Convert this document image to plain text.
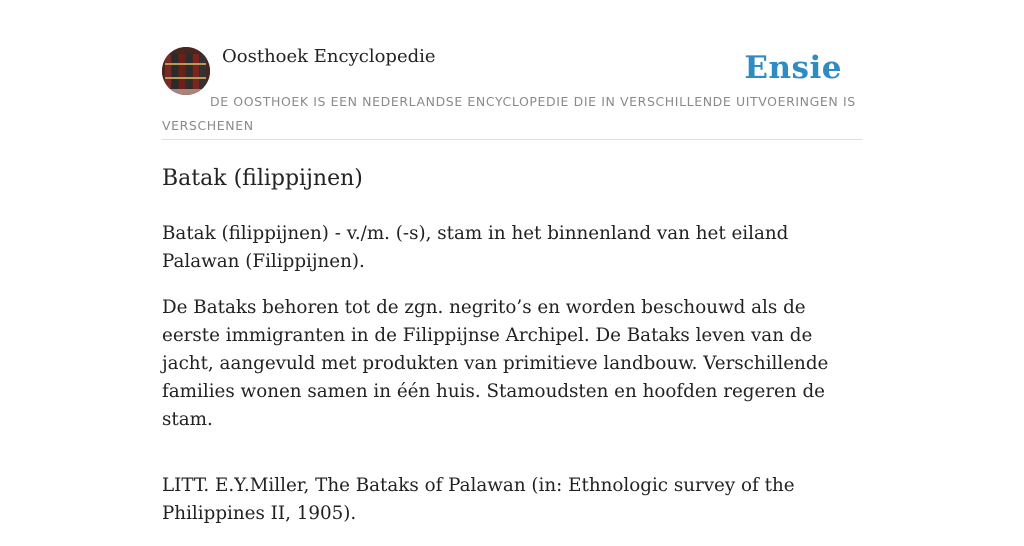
Oosthoek Encyclopedie	Ensie
DE OOSTHOEK IS EEN NEDERLANDSE ENCYCLOPEDIE DIE IN VERSCHILLENDE UITVOERINGEN IS VERSCHENEN
Batak (filippijnen)

Batak (filippijnen) - v./m. (-s), stam in het binnenland van het eiland Palawan (Filippijnen).

De Bataks behoren tot de zgn. negrito’s en worden beschouwd als de eerste immigranten in de Filippijnse Archipel. De Bataks leven van de jacht, aangevuld met produkten van primitieve landbouw. Verschillende families wonen samen in één huis. Stamoudsten en hoofden regeren de stam.

LITT. E.Y.Miller, The Bataks of Palawan (in: Ethnologic survey of the Philippines II, 1905).
